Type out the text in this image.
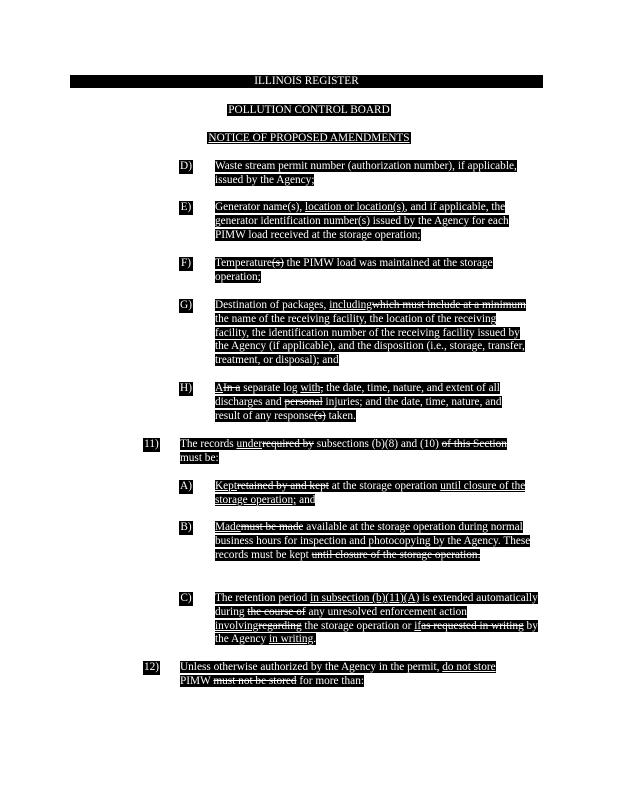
ILLINOIS REGISTER
POLLUTION CONTROL BOARD
NOTICE OF PROPOSED AMENDMENTS
D) Waste stream permit number (authorization number), if applicable, issued by the Agency;
E) Generator name(s), location or location(s), and if applicable, the generator identification number(s) issued by the Agency for each PIMW load received at the storage operation;
F) Temperature(s) the PIMW load was maintained at the storage operation;
G) Destination of packages, includingwhich must include at a minimum the name of the receiving facility, the location of the receiving facility, the identification number of the receiving facility issued by the Agency (if applicable), and the disposition (i.e., storage, transfer, treatment, or disposal); and
H) AIn a separate log with, the date, time, nature, and extent of all discharges and personal injuries; and the date, time, nature, and result of any response(s) taken.
11) The records underrequired by subsections (b)(8) and (10) of this Section must be:
A) Keptretained by and kept at the storage operation until closure of the storage operation; and
B) Mademust be made available at the storage operation during normal business hours for inspection and photocopying by the Agency. These records must be kept until closure of the storage operation.
C) The retention period in subsection (b)(11)(A) is extended automatically during the course of any unresolved enforcement action involvingregarding the storage operation or ifas requested in writing by the Agency in writing.
12) Unless otherwise authorized by the Agency in the permit, do not store PIMW must not be stored for more than:
